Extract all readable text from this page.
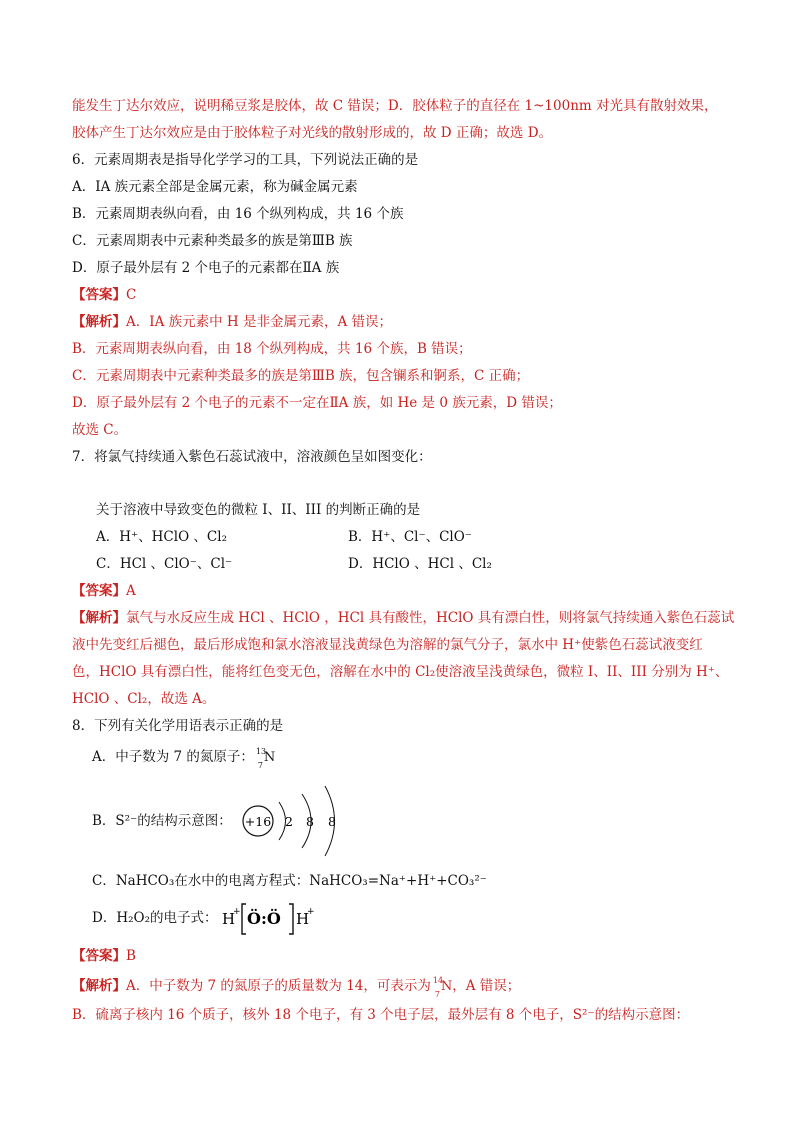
能发生丁达尔效应，说明稀豆浆是胶体，故 C 错误；D．胶体粒子的直径在 1~100nm 对光具有散射效果，
胶体产生丁达尔效应是由于胶体粒子对光线的散射形成的，故 D 正确；故选 D。
6．元素周期表是指导化学学习的工具，下列说法正确的是
A．IA 族元素全部是金属元素，称为碱金属元素
B．元素周期表纵向看，由 16 个纵列构成，共 16 个族
C．元素周期表中元素种类最多的族是第ⅢB 族
D．原子最外层有 2 个电子的元素都在ⅡA 族
【答案】C
【解析】A．ⅠA 族元素中 H 是非金属元素，A 错误；
B．元素周期表纵向看，由 18 个纵列构成，共 16 个族，B 错误；
C．元素周期表中元素种类最多的族是第ⅢB 族，包含镧系和锕系，C 正确；
D．原子最外层有 2 个电子的元素不一定在ⅡA 族，如 He 是 0 族元素，D 错误；
故选 C。
7．将氯气持续通入紫色石蕊试液中，溶液颜色呈如图变化：
关于溶液中导致变色的微粒 I、II、III 的判断正确的是
A．H⁺、HClO 、Cl₂	B．H⁺、Cl⁻、ClO⁻
C．HCl 、ClO⁻、Cl⁻	D．HClO 、HCl 、Cl₂
【答案】A
【解析】氯气与水反应生成 HCl 、HClO ，HCl 具有酸性，HClO 具有漂白性，则将氯气持续通入紫色石蕊试
液中先变红后褪色，最后形成饱和氯水溶液显浅黄绿色为溶解的氯气分子，氯水中 H⁺使紫色石蕊试液变红
色，HClO 具有漂白性，能将红色变无色，溶解在水中的 Cl₂使溶液呈浅黄绿色，微粒 I、II、III 分别为 H⁺、
HClO 、Cl₂，故选 A。
8．下列有关化学用语表示正确的是
A．中子数为 7 的氮原子： 13
7
N
B．S²⁻的结构示意图： +16 2 8 8
C．NaHCO₃在水中的电离方程式：NaHCO₃=Na⁺+H⁺+CO₃²⁻
D．H₂O₂的电子式： H
+ Ö:Ö H
+
【答案】B
【解析】A．中子数为 7 的氮原子的质量数为 14，可表示为 14
7
N，A 错误；
B．硫离子核内 16 个质子，核外 18 个电子，有 3 个电子层，最外层有 8 个电子，S²⁻的结构示意图：
